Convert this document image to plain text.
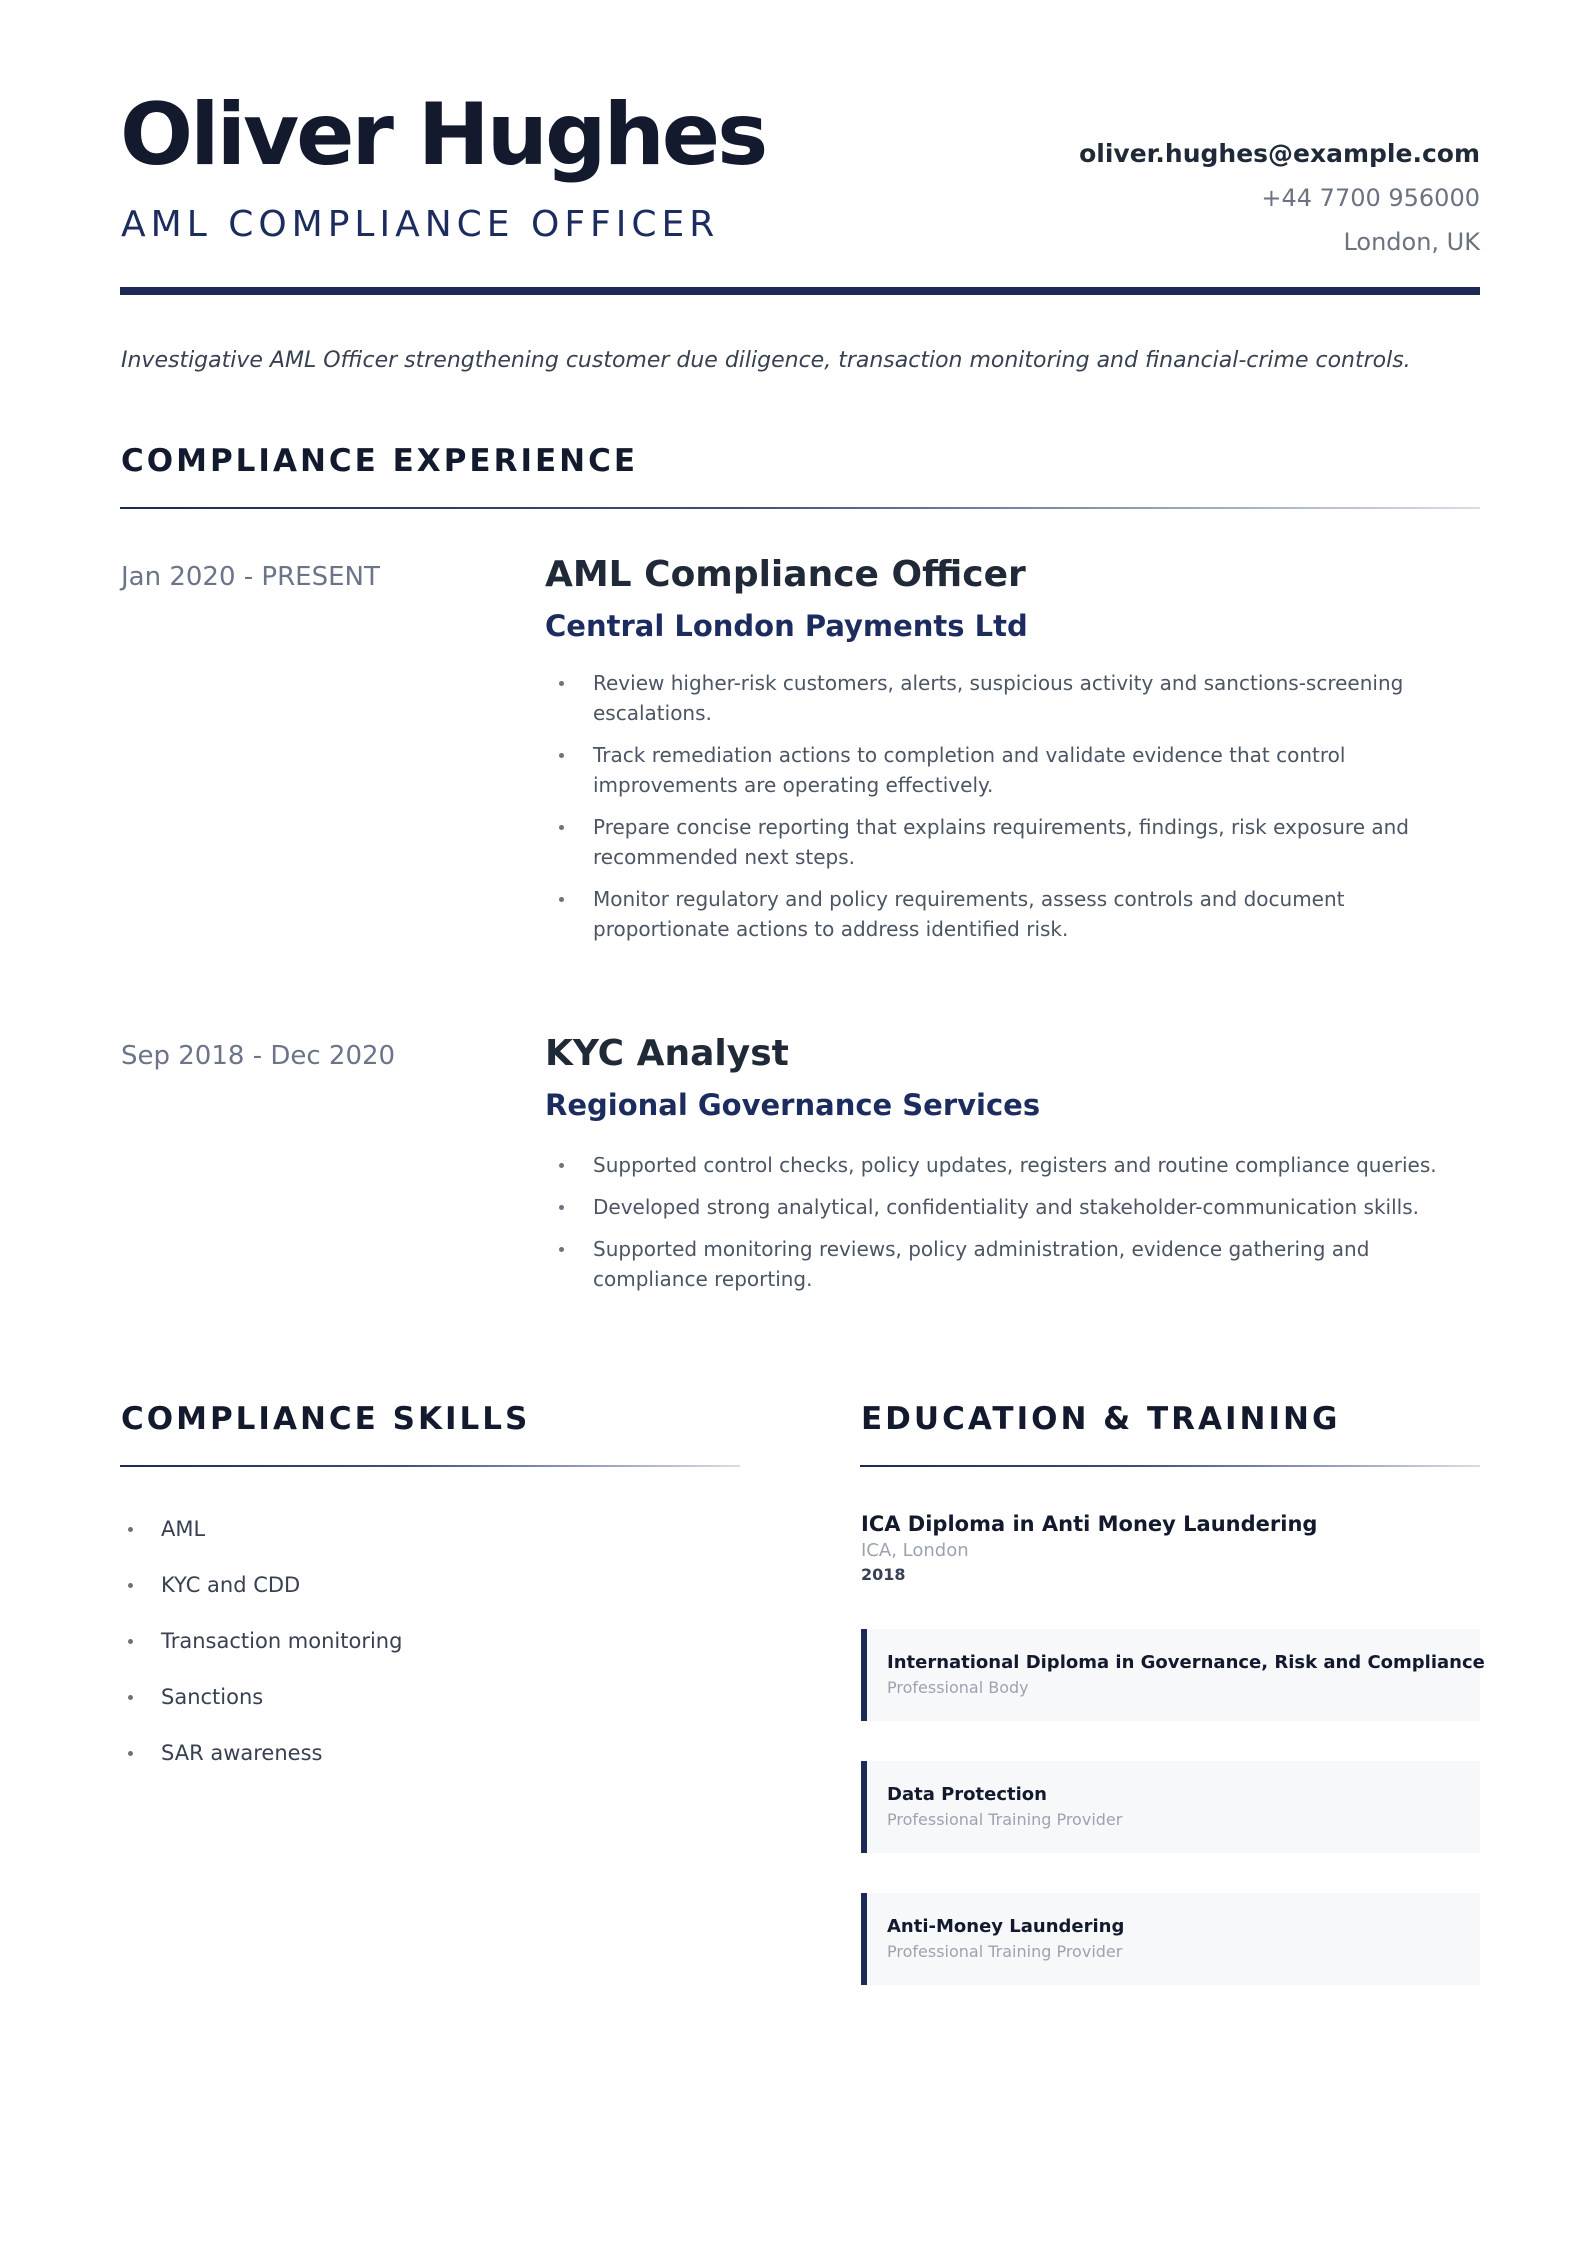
Oliver Hughes
AML COMPLIANCE OFFICER
oliver.hughes@example.com
+44 7700 956000
London, UK
Investigative AML Officer strengthening customer due diligence, transaction monitoring and financial-crime controls.
COMPLIANCE EXPERIENCE
Jan 2020 - PRESENT	AML Compliance Officer
Central London Payments Ltd
Review higher-risk customers, alerts, suspicious activity and sanctions-screening escalations.
Track remediation actions to completion and validate evidence that control improvements are operating effectively.
Prepare concise reporting that explains requirements, findings, risk exposure and recommended next steps.
Monitor regulatory and policy requirements, assess controls and document proportionate actions to address identified risk.
Sep 2018 - Dec 2020	KYC Analyst
Regional Governance Services
Supported control checks, policy updates, registers and routine compliance queries.
Developed strong analytical, confidentiality and stakeholder-communication skills.
Supported monitoring reviews, policy administration, evidence gathering and compliance reporting.
COMPLIANCE SKILLS
AML
KYC and CDD
Transaction monitoring
Sanctions
SAR awareness
EDUCATION & TRAINING
ICA Diploma in Anti Money Laundering
ICA, London
2018
International Diploma in Governance, Risk and Compliance
Professional Body
Data Protection
Professional Training Provider
Anti-Money Laundering
Professional Training Provider
